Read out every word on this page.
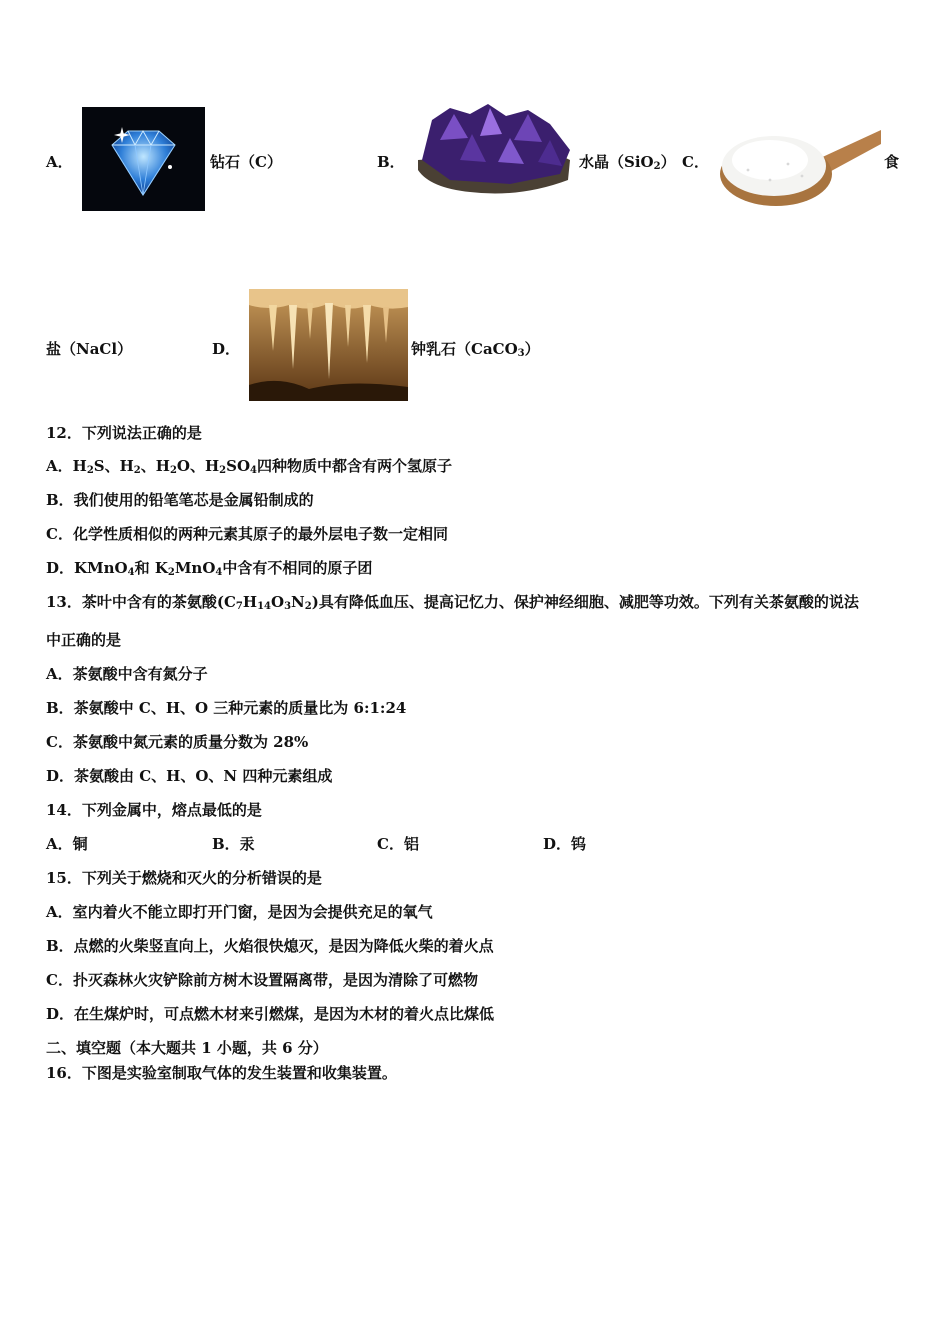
A．	钻石（C）	B．	水晶（SiO$_2$） C．	食
盐（NaCl）	D．	钟乳石（CaCO$_3$）
12．下列说法正确的是
A．$H_2S$、$H_2$、$H_2O$、$H_2SO_4$四种物质中都含有两个氢原子
B．我们使用的铅笔笔芯是金属铅制成的
C．化学性质相似的两种元素其原子的最外层电子数一定相同
D．KMnO$_4$和 $K_2MnO_4$中含有不相同的原子团
13．茶叶中含有的茶氨酸$(C_7H_{14}O_3N_2)$具有降低血压、提高记忆力、保护神经细胞、减肥等功效。下列有关茶氨酸的说法
中正确的是
A．茶氨酸中含有氮分子
B．茶氨酸中 C、H、O 三种元素的质量比为 6:1:24
C．茶氨酸中氮元素的质量分数为 28%
D．茶氨酸由 C、H、O、N 四种元素组成
14．下列金属中，熔点最低的是
A．铜	B．汞	C．铝	D．钨
15．下列关于燃烧和灭火的分析错误的是
A．室内着火不能立即打开门窗，是因为会提供充足的氧气
B．点燃的火柴竖直向上，火焰很快熄灭，是因为降低火柴的着火点
C．扑灭森林火灾铲除前方树木设置隔离带，是因为清除了可燃物
D．在生煤炉时，可点燃木材来引燃煤，是因为木材的着火点比煤低
二、填空题（本大题共 1 小题，共 6 分）
16．下图是实验室制取气体的发生装置和收集装置。
